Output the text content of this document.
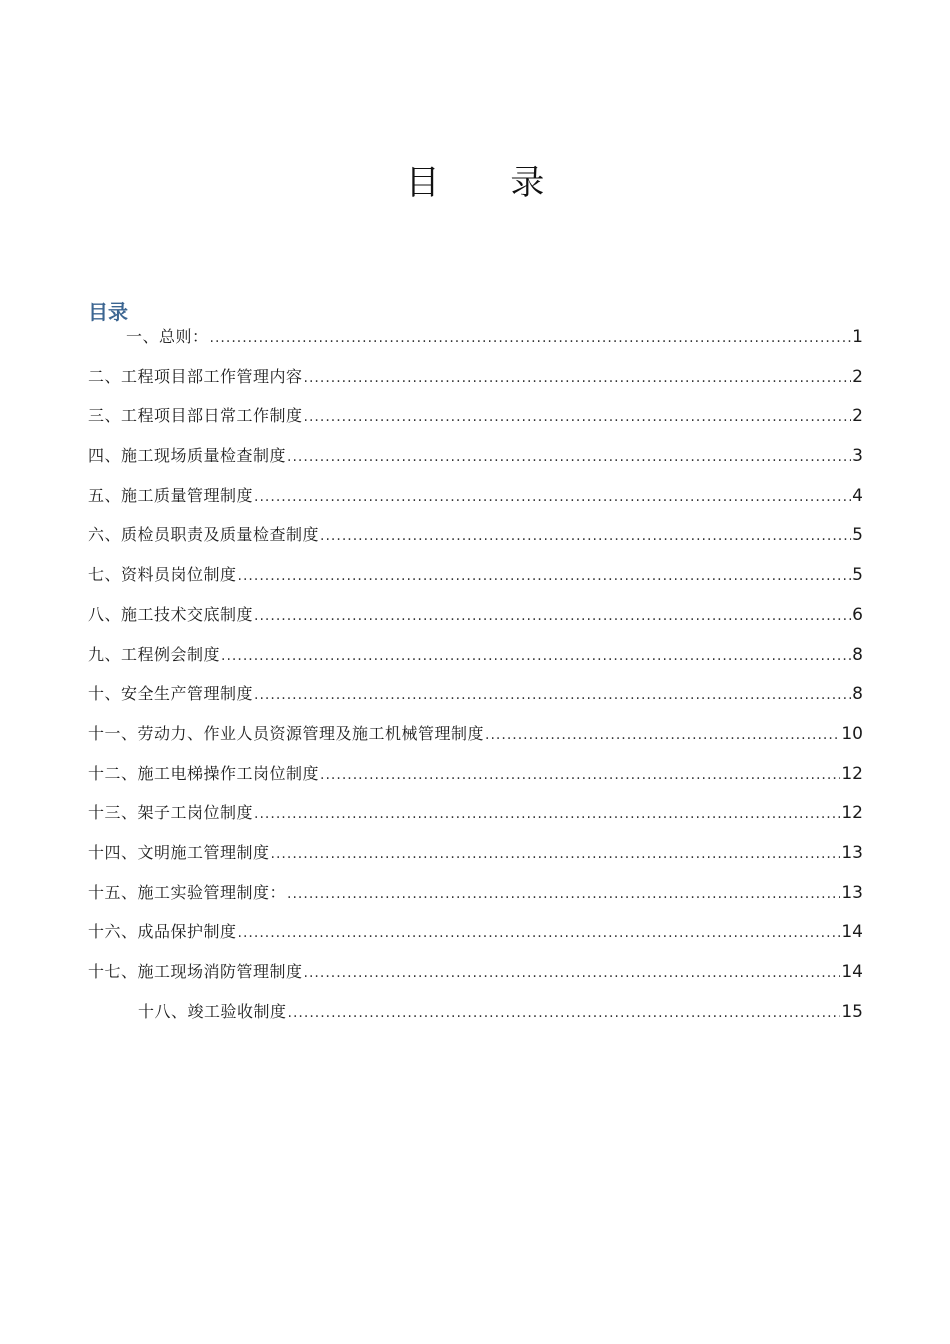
目 录
目录
一、总则： .....	1
二、工程项目部工作管理内容 .....	2
三、工程项目部日常工作制度 .....	2
四、施工现场质量检查制度 .....	3
五、施工质量管理制度 .....	4
六、质检员职责及质量检查制度 .....	5
七、资料员岗位制度 .....	5
八、施工技术交底制度 .....	6
九、工程例会制度 .....	8
十、安全生产管理制度 .....	8
十一、劳动力、作业人员资源管理及施工机械管理制度 .....	10
十二、施工电梯操作工岗位制度 .....	12
十三、架子工岗位制度 .....	12
十四、文明施工管理制度 .....	13
十五、施工实验管理制度： .....	13
十六、成品保护制度 .....	14
十七、施工现场消防管理制度 .....	14
十八、竣工验收制度 .....	15
